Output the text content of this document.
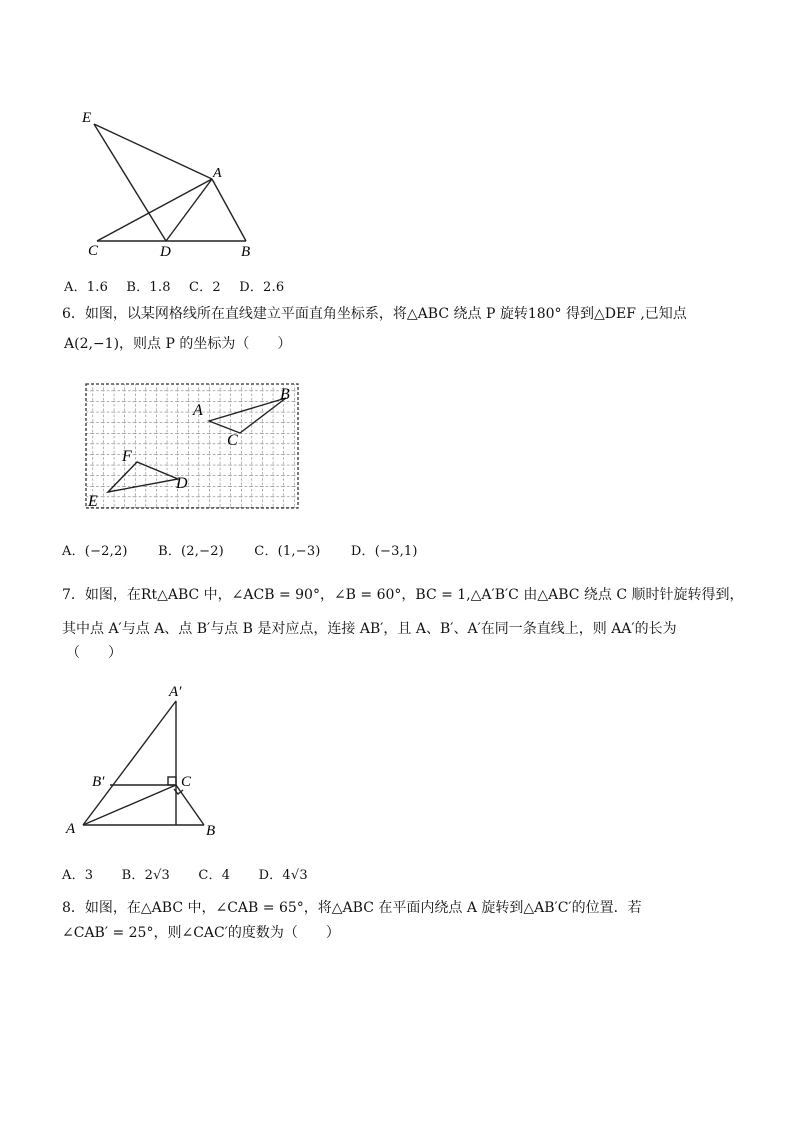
E
A
C	D	B
A．1.6 B．1.8 C．2 D．2.6
6．如图，以某网格线所在直线建立平面直角坐标系，将△ABC 绕点 P 旋转180° 得到△DEF ,已知点
A(2,−1)，则点 P 的坐标为（　　）
A
B
C
F
E
D
A．(−2,2) B．(2,−2) C．(1,−3) D．(−3,1)
7．如图，在Rt△ABC 中，∠ACB = 90°，∠B = 60°，BC = 1,△A′B′C 由△ABC 绕点 C 顺时针旋转得到，
其中点 A′与点 A、点 B′与点 B 是对应点，连接 AB′，且 A、B′、A′在同一条直线上，则 AA′的长为
（　　）
A′
B′	C
A	B
A．3 B．2√3 C．4 D．4√3
8．如图，在△ABC 中，∠CAB = 65°，将△ABC 在平面内绕点 A 旋转到△AB′C′的位置．若
∠CAB′ = 25°，则∠CAC′的度数为（　　）
